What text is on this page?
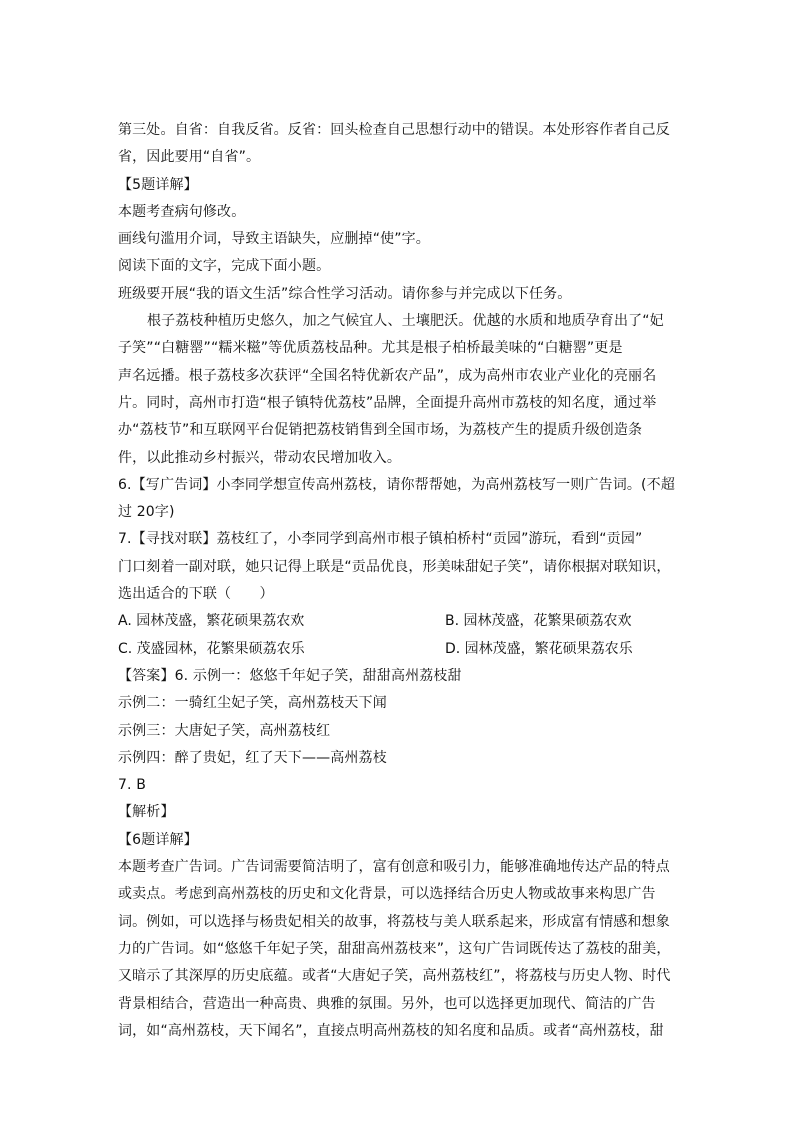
第三处。自省：自我反省。反省：回头检查自己思想行动中的错误。本处形容作者自己反
省，因此要用“自省”。
【5题详解】
本题考查病句修改。
画线句滥用介词，导致主语缺失，应删掉“使”字。
阅读下面的文字，完成下面小题。
班级要开展“我的语文生活”综合性学习活动。请你参与并完成以下任务。
根子荔枝种植历史悠久，加之气候宜人、土壤肥沃。优越的水质和地质孕育出了“妃
子笑”“白糖罂”“糯米糍”等优质荔枝品种。尤其是根子柏桥最美味的“白糖罂”更是
声名远播。根子荔枝多次获评“全国名特优新农产品”，成为高州市农业产业化的亮丽名
片。同时，高州市打造“根子镇特优荔枝”品牌，全面提升高州市荔枝的知名度，通过举
办“荔枝节”和互联网平台促销把荔枝销售到全国市场，为荔枝产生的提质升级创造条
件，以此推动乡村振兴，带动农民增加收入。
6.【写广告词】小李同学想宣传高州荔枝，请你帮帮她，为高州荔枝写一则广告词。(不超
过 20字)
7.【寻找对联】荔枝红了，小李同学到高州市根子镇柏桥村“贡园”游玩，看到“贡园”
门口刻着一副对联，她只记得上联是“贡品优良，形美味甜妃子笑”，请你根据对联知识，
选出适合的下联（　　）
A. 园林茂盛，繁花硕果荔农欢	B. 园林茂盛，花繁果硕荔农欢
C. 茂盛园林，花繁果硕荔农乐	D. 园林茂盛，繁花硕果荔农乐
【答案】6. 示例一：悠悠千年妃子笑，甜甜高州荔枝甜
示例二：一骑红尘妃子笑，高州荔枝天下闻
示例三：大唐妃子笑，高州荔枝红
示例四：醉了贵妃，红了天下——高州荔枝
7. B
【解析】
【6题详解】
本题考查广告词。广告词需要简洁明了，富有创意和吸引力，能够准确地传达产品的特点
或卖点。考虑到高州荔枝的历史和文化背景，可以选择结合历史人物或故事来构思广告
词。例如，可以选择与杨贵妃相关的故事，将荔枝与美人联系起来，形成富有情感和想象
力的广告词。如“悠悠千年妃子笑，甜甜高州荔枝来”，这句广告词既传达了荔枝的甜美，
又暗示了其深厚的历史底蕴。或者“大唐妃子笑，高州荔枝红”，将荔枝与历史人物、时代
背景相结合，营造出一种高贵、典雅的氛围。另外，也可以选择更加现代、简洁的广告
词，如“高州荔枝，天下闻名”，直接点明高州荔枝的知名度和品质。或者“高州荔枝，甜
